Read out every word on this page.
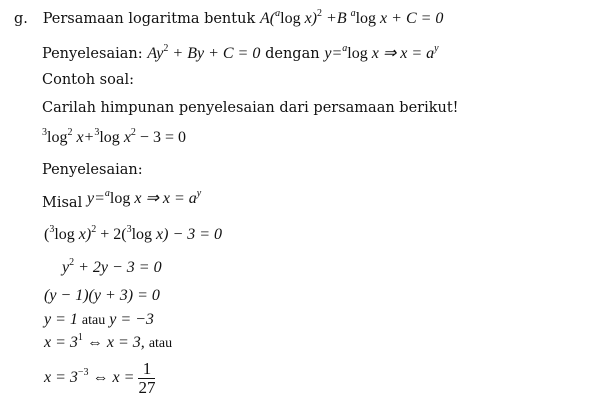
g. Persamaan logaritma bentuk A($^a$log x)$^2$ +B $^a$log x + C = 0
Penyelesaian: $Ay^2 + By + C = 0$ dengan y=$^a$log x ⇒ $x = a^y$
Contoh soal:
Carilah himpunan penyelesaian dari persamaan berikut!
$^3\log^2$ x+$^3$log $x^2 - 3 = 0$
Penyelesaian:
Misal y=$^a$log x ⇒ $x = a^y$
($^3$log x)$^2$ + 2($^3$log x) − 3 = 0
$y^2 + 2y - 3 = 0$
(y − 1)(y + 3) = 0
y = 1 atau y = −3
$x = 3^1$ ⇔ x = 3, atau
$x = 3^{-3}$ ⇔ $x = \frac{1}{27}$
